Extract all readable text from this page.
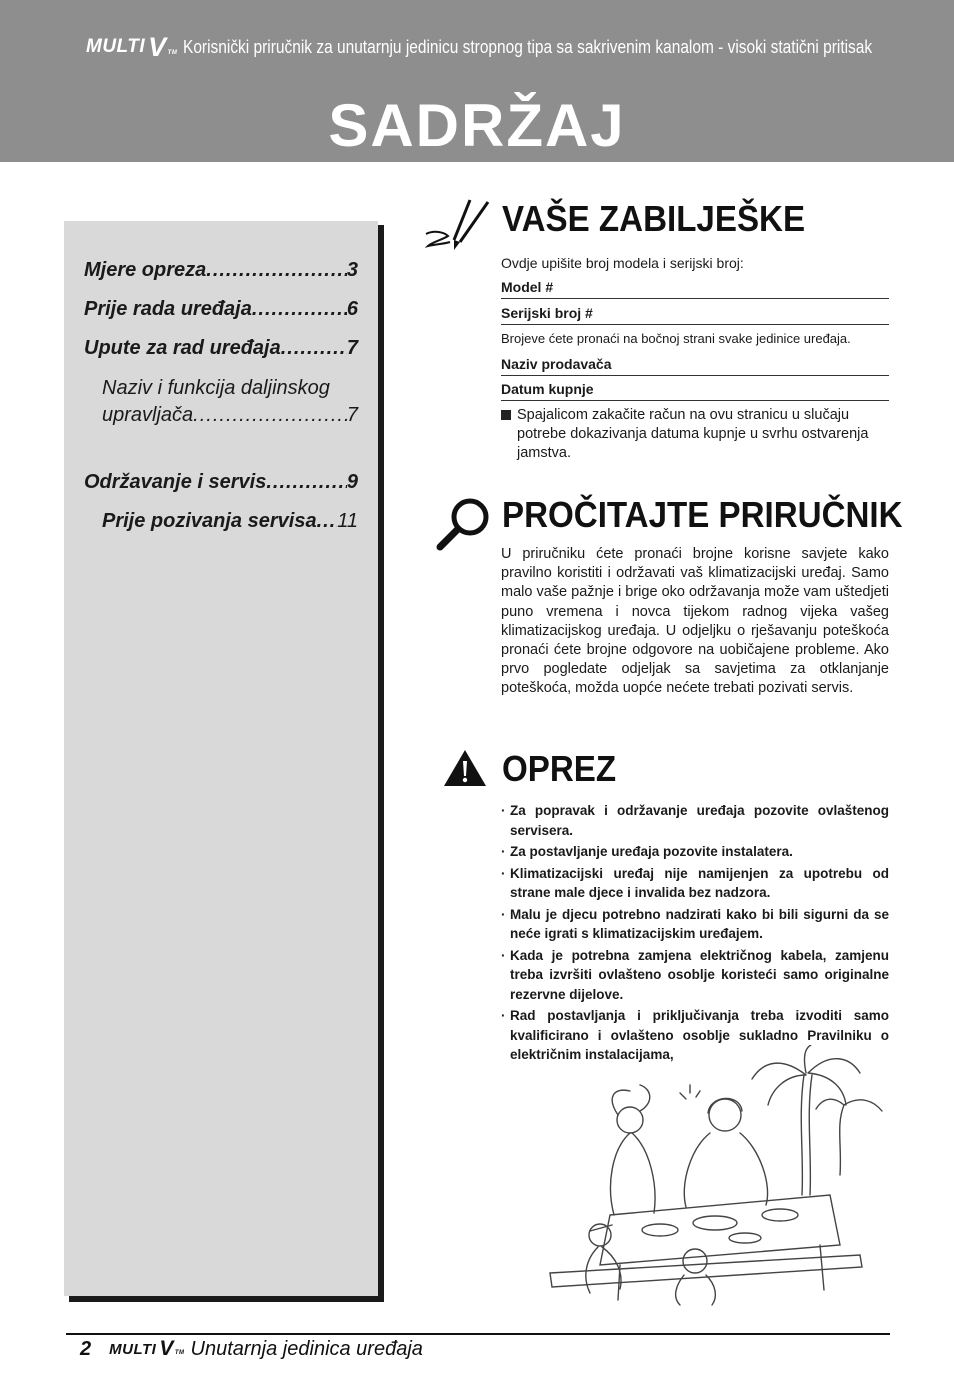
MULTI V TM Korisnički priručnik za unutarnju jedinicu stropnog tipa sa sakrivenim kanalom - visoki statični pritisak
SADRŽAJ
Mjere opreza .....	3
Prije rada uređaja .....	6
Upute za rad uređaja .....	7
Naziv i funkcija daljinskog
upravljača .....	7
Održavanje i servis .....	9
Prije pozivanja servisa ..... 11
VAŠE ZABILJEŠKE
Ovdje upišite broj modela i serijski broj:
Model #
Serijski broj #
Brojeve ćete pronaći na bočnoj strani svake jedinice uređaja.
Naziv prodavača
Datum kupnje
Spajalicom zakačite račun na ovu stranicu u slučaju potrebe dokazivanja datuma kupnje u svrhu ostvarenja jamstva.
PROČITAJTE PRIRUČNIK
U priručniku ćete pronaći brojne korisne savjete kako pravilno koristiti i održavati vaš klimatizacijski uređaj. Samo malo vaše pažnje i brige oko održavanja može vam uštedjeti puno vremena i novca tijekom radnog vijeka vašeg klimatizacijskog uređaja. U odjeljku o rješavanju poteškoća pronaći ćete brojne odgovore na uobičajene probleme. Ako prvo pogledate odjeljak sa savjetima za otklanjanje poteškoća, možda uopće nećete trebati pozivati servis.
OPREZ
· Za popravak i održavanje uređaja pozovite ovlaštenog servisera.
· Za postavljanje uređaja pozovite instalatera.
· Klimatizacijski uređaj nije namijenjen za upotrebu od strane male djece i invalida bez nadzora.
· Malu je djecu potrebno nadzirati kako bi bili sigurni da se neće igrati s klimatizacijskim uređajem.
· Kada je potrebna zamjena električnog kabela, zamjenu treba izvršiti ovlašteno osoblje koristeći samo originalne rezervne dijelove.
· Rad postavljanja i priključivanja treba izvoditi samo kvalificirano i ovlašteno osoblje sukladno Pravilniku o električnim instalacijama,
2 MULTI V TM Unutarnja jedinica uređaja
